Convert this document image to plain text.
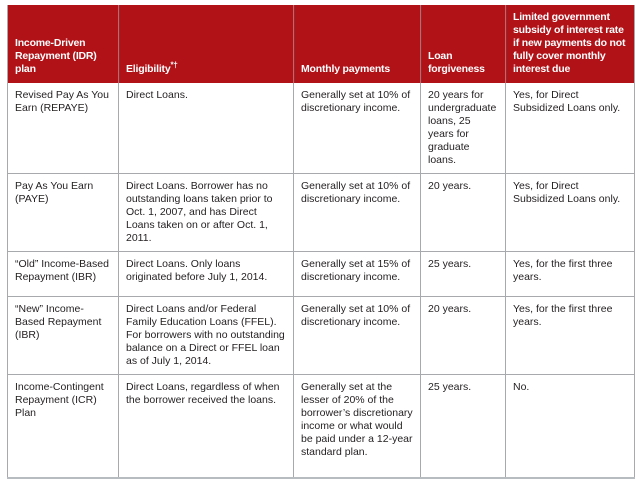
Income-Driven Repayment (IDR) plan	Eligibility*†	Monthly payments	Loan forgiveness	Limited government subsidy of interest rate if new payments do not fully cover monthly interest due
Revised Pay As You Earn (REPAYE)	Direct Loans.	Generally set at 10% of discretionary income.	20 years for undergraduate loans, 25 years for graduate loans.	Yes, for Direct Subsidized Loans only.
Pay As You Earn (PAYE)	Direct Loans. Borrower has no outstanding loans taken prior to Oct. 1, 2007, and has Direct Loans taken on or after Oct. 1, 2011.	Generally set at 10% of discretionary income.	20 years.	Yes, for Direct Subsidized Loans only.
“Old” Income-Based Repayment (IBR)	Direct Loans. Only loans originated before July 1, 2014.	Generally set at 15% of discretionary income.	25 years.	Yes, for the first three years.
“New” Income-Based Repayment (IBR)	Direct Loans and/or Federal Family Education Loans (FFEL). For borrowers with no outstanding balance on a Direct or FFEL loan as of July 1, 2014.	Generally set at 10% of discretionary income.	20 years.	Yes, for the first three years.
Income-Contingent Repayment (ICR) Plan	Direct Loans, regardless of when the borrower received the loans.	Generally set at the lesser of 20% of the borrower’s discretionary income or what would be paid under a 12-year standard plan.	25 years.	No.
